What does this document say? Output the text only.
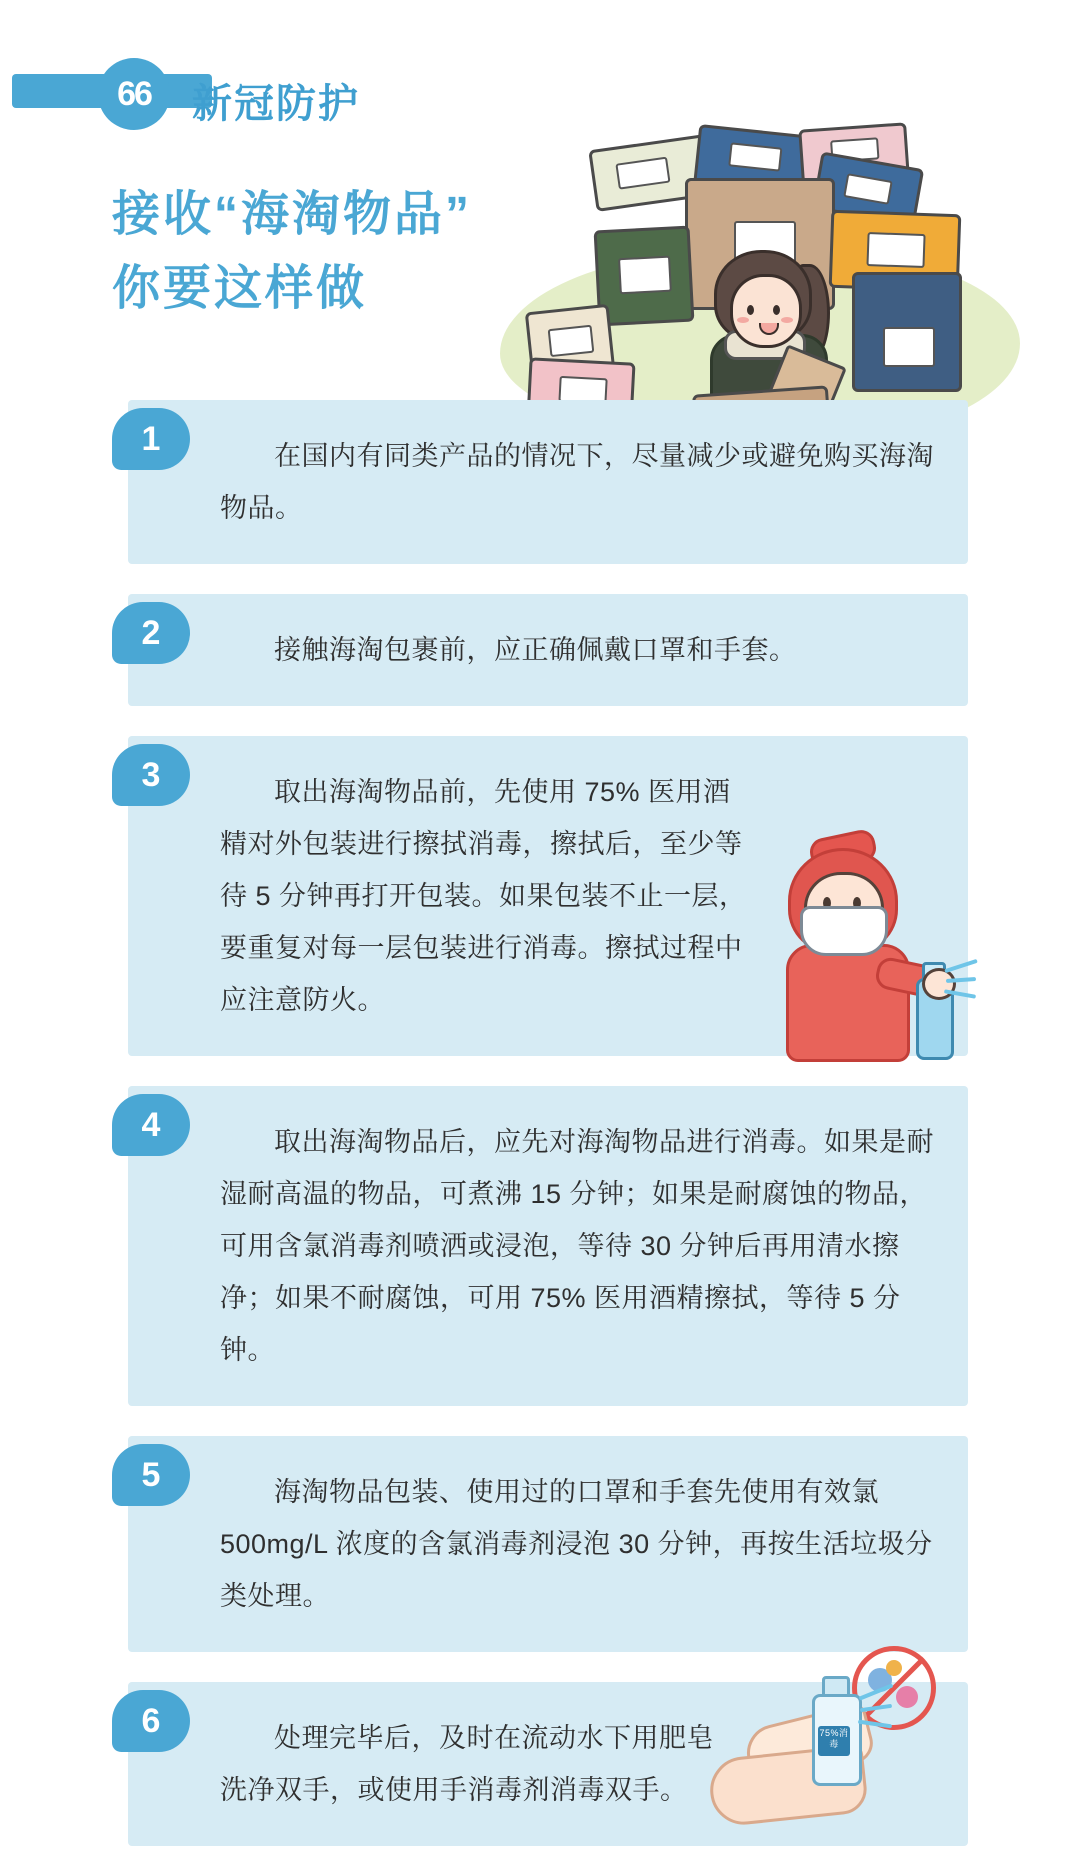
66	新冠防护
接收“海淘物品”
你要这样做
1	在国内有同类产品的情况下，尽量减少或避免购买海淘物品。

2	接触海淘包裹前，应正确佩戴口罩和手套。

3	取出海淘物品前，先使用 75% 医用酒精对外包装进行擦拭消毒，擦拭后，至少等待 5 分钟再打开包装。如果包装不止一层，要重复对每一层包装进行消毒。擦拭过程中应注意防火。

4	取出海淘物品后，应先对海淘物品进行消毒。如果是耐湿耐高温的物品，可煮沸 15 分钟；如果是耐腐蚀的物品，可用含氯消毒剂喷洒或浸泡，等待 30 分钟后再用清水擦净；如果不耐腐蚀，可用 75% 医用酒精擦拭，等待 5 分钟。

5	海淘物品包装、使用过的口罩和手套先使用有效氯 500mg/L 浓度的含氯消毒剂浸泡 30 分钟，再按生活垃圾分类处理。

6	处理完毕后，及时在流动水下用肥皂洗净双手，或使用手消毒剂消毒双手。

75%消毒
